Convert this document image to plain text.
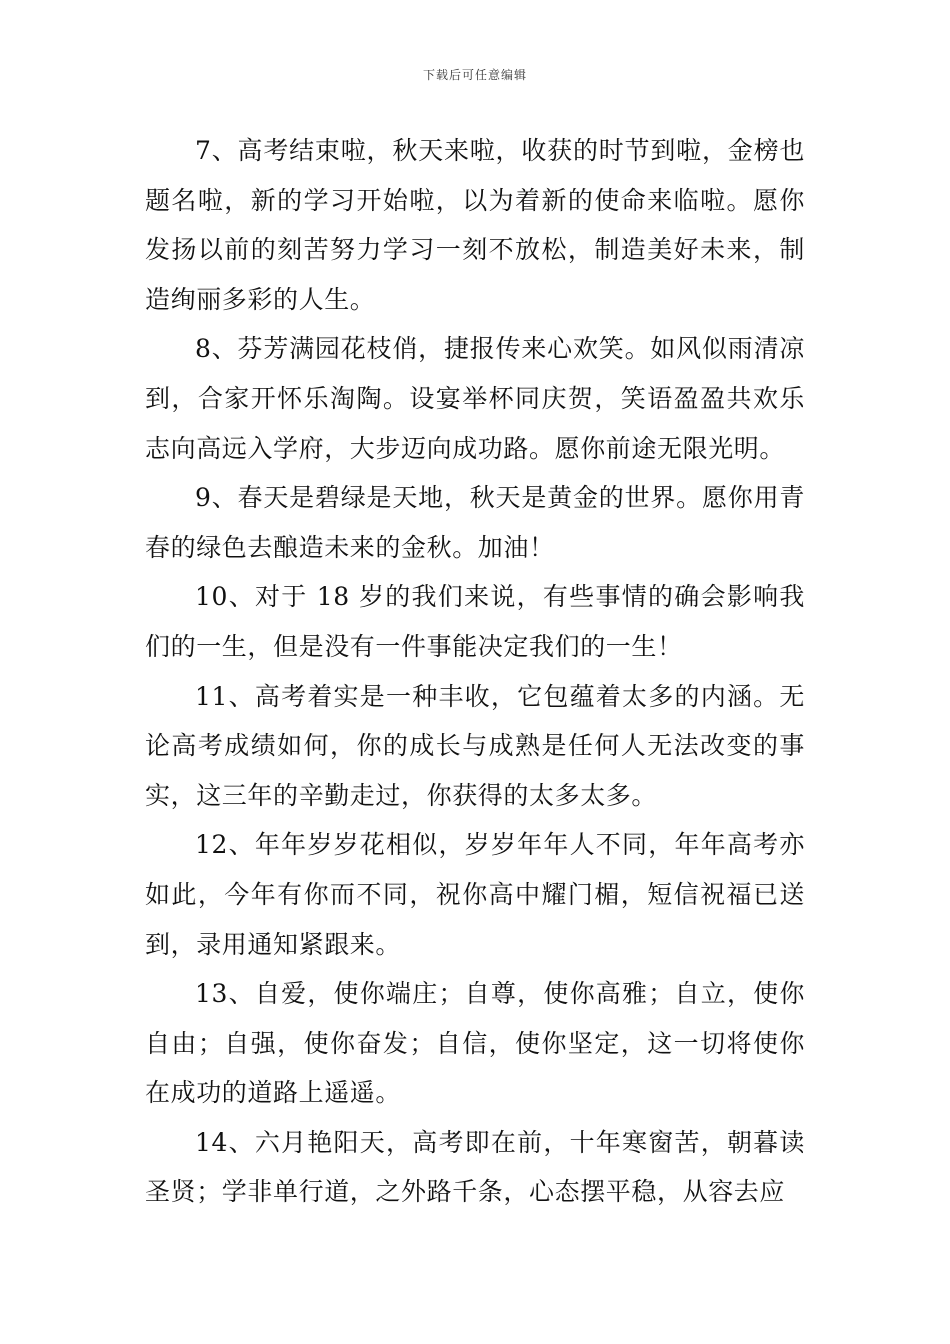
下载后可任意编辑

7、高考结束啦，秋天来啦，收获的时节到啦，金榜也题名啦，新的学习开始啦，以为着新的使命来临啦。愿你发扬以前的刻苦努力学习一刻不放松，制造美好未来，制造绚丽多彩的人生。

8、芬芳满园花枝俏，捷报传来心欢笑。如风似雨清凉到，合家开怀乐淘陶。设宴举杯同庆贺，笑语盈盈共欢乐志向高远入学府，大步迈向成功路。愿你前途无限光明。

9、春天是碧绿是天地，秋天是黄金的世界。愿你用青春的绿色去酿造未来的金秋。加油！

10、对于 18 岁的我们来说，有些事情的确会影响我们的一生，但是没有一件事能决定我们的一生！

11、高考着实是一种丰收，它包蕴着太多的内涵。无论高考成绩如何，你的成长与成熟是任何人无法改变的事实，这三年的辛勤走过，你获得的太多太多。

12、年年岁岁花相似，岁岁年年人不同，年年高考亦如此，今年有你而不同，祝你高中耀门楣，短信祝福已送到，录用通知紧跟来。

13、自爱，使你端庄；自尊，使你高雅；自立，使你自由；自强，使你奋发；自信，使你坚定，这一切将使你在成功的道路上遥遥。

14、六月艳阳天，高考即在前，十年寒窗苦，朝暮读圣贤；学非单行道，之外路千条，心态摆平稳，从容去应
